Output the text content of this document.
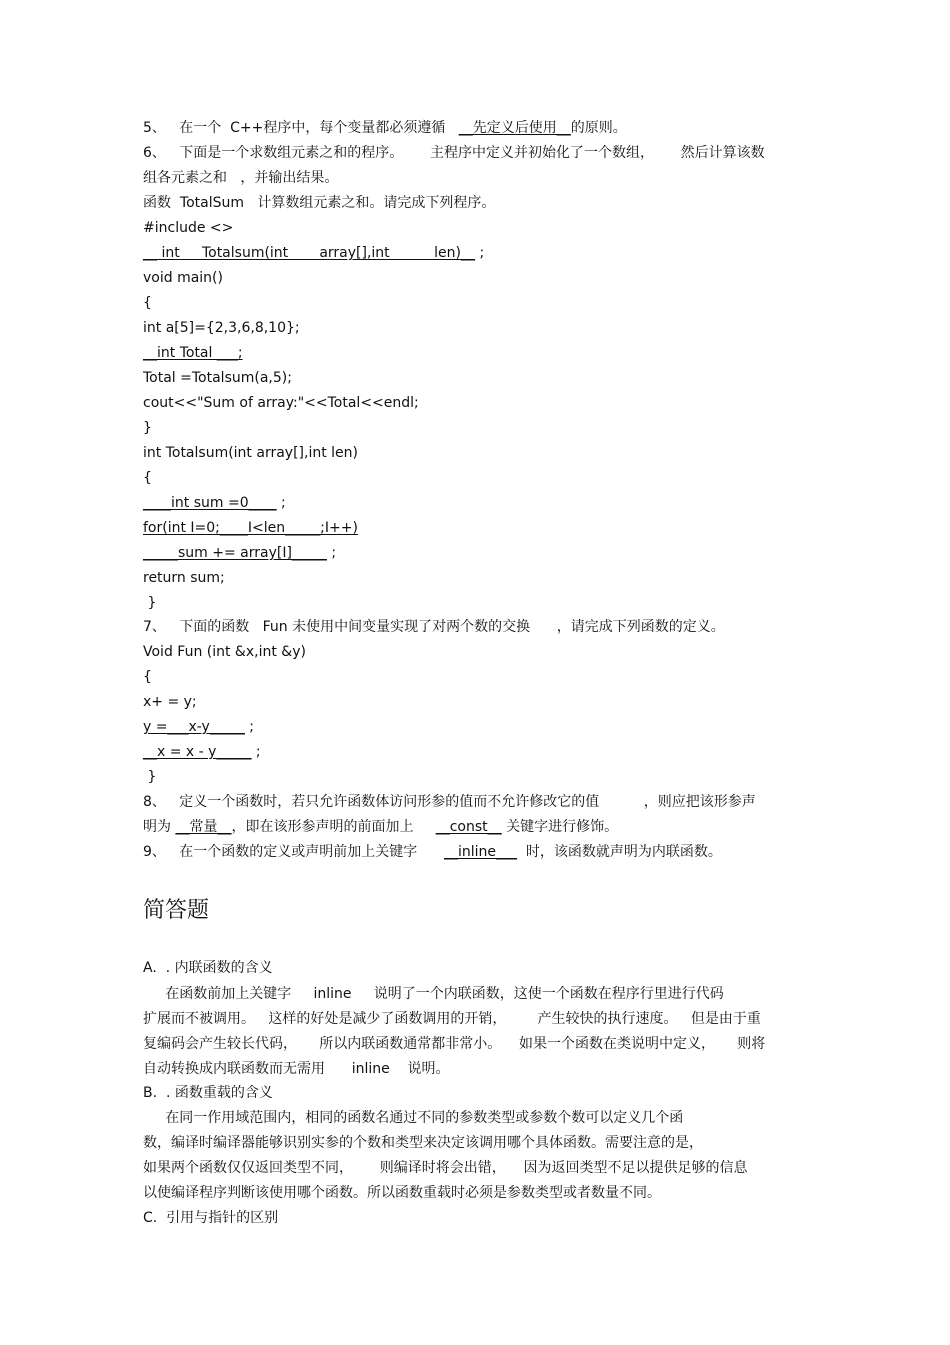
5、   在一个  C++程序中，每个变量都必须遵循   __先定义后使用__的原则。
6、   下面是一个求数组元素之和的程序。      主程序中定义并初始化了一个数组，      然后计算该数
组各元素之和   ，并输出结果。
函数  TotalSum   计算数组元素之和。请完成下列程序。
#include <>
__ int     Totalsum(int       array[],int          len)__ ;
void main()
{
int a[5]={2,3,6,8,10};
__int Total ___;
Total =Totalsum(a,5);
cout<<"Sum of array:"<<Total<<endl;
}
int Totalsum(int array[],int len)
{
____int sum =0____ ;
for(int I=0;____I<len_____;I++)
_____sum += array[I]_____ ;
return sum;
}
7、   下面的函数   Fun 未使用中间变量实现了对两个数的交换      ，请完成下列函数的定义。
Void Fun (int &x,int &y)
{
x+ = y;
y =___x-y_____ ;
__x = x - y_____ ;
}
8、   定义一个函数时，若只允许函数体访问形参的值而不允许修改它的值          ，则应把该形参声
明为 __常量__，即在该形参声明的前面加上     __const__ 关键字进行修饰。
9、   在一个函数的定义或声明前加上关键字      __inline___  时，该函数就声明为内联函数。
简答题
A.  . 内联函数的含义
在函数前加上关键字     inline     说明了一个内联函数，这使一个函数在程序行里进行代码
扩展而不被调用。   这样的好处是减少了函数调用的开销，       产生较快的执行速度。   但是由于重
复编码会产生较长代码，     所以内联函数通常都非常小。    如果一个函数在类说明中定义，     则将
自动转换成内联函数而无需用      inline    说明。
B.  . 函数重载的含义
在同一作用域范围内，相同的函数名通过不同的参数类型或参数个数可以定义几个函
数，编译时编译器能够识别实参的个数和类型来决定该调用哪个具体函数。需要注意的是，
如果两个函数仅仅返回类型不同，      则编译时将会出错，    因为返回类型不足以提供足够的信息
以使编译程序判断该使用哪个函数。所以函数重载时必须是参数类型或者数量不同。
C.  引用与指针的区别
